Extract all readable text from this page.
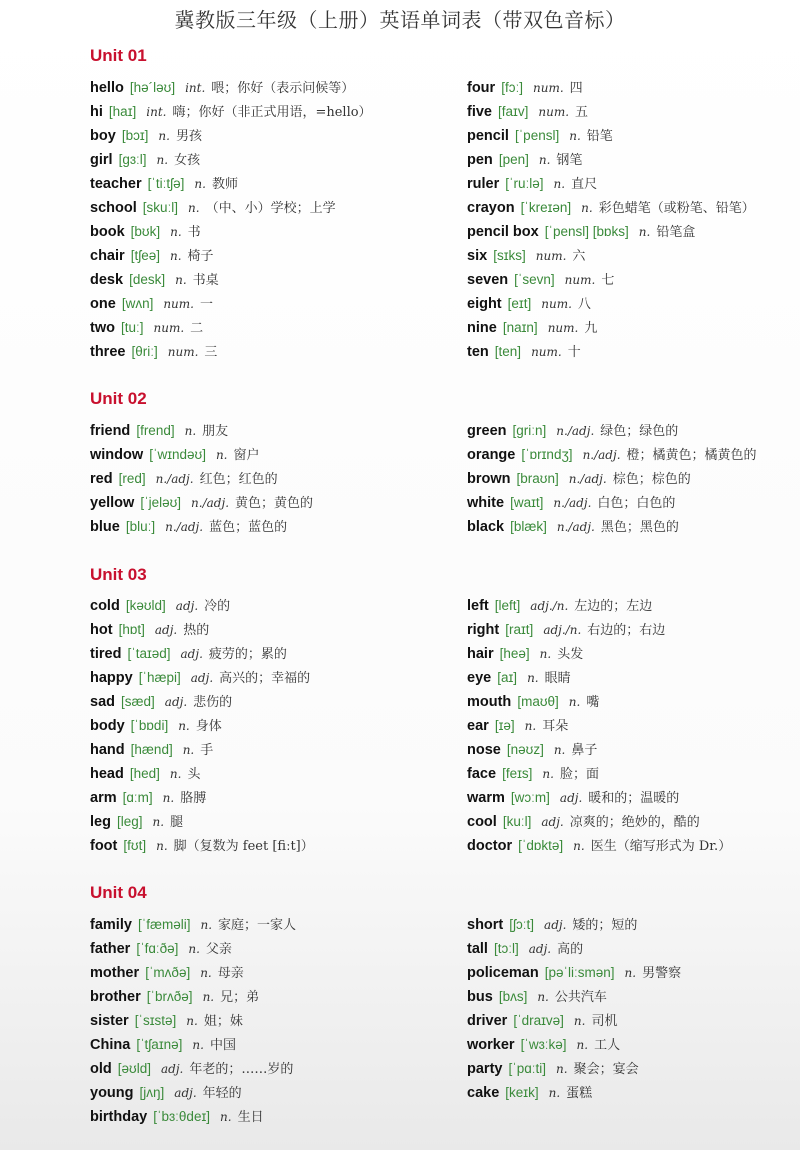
冀教版三年级（上册）英语单词表（带双色音标）
Unit 01
hello [hə´ləʊ] int. 喂；你好（表示问候等）
hi [haɪ] int. 嗨；你好（非正式用语，=hello）
boy [bɔɪ] n. 男孩
girl [gɜːl] n. 女孩
teacher [ˈtiːtʃə] n. 教师
school [skuːl] n. （中、小）学校；上学
book [bʊk] n. 书
chair [tʃeə] n. 椅子
desk [desk] n. 书桌
one [wʌn] num. 一
two [tuː] num. 二
three [θriː] num. 三
four [fɔː] num. 四
five [faɪv] num. 五
pencil [ˈpensl] n. 铅笔
pen [pen] n. 钢笔
ruler [ˈruːlə] n. 直尺
crayon [ˈkreɪən] n. 彩色蜡笔（或粉笔、铅笔）
pencil box [ˈpensl] [bɒks] n. 铅笔盒
six [sɪks] num. 六
seven [ˈsevn] num. 七
eight [eɪt] num. 八
nine [naɪn] num. 九
ten [ten] num. 十
Unit 02
friend [frend] n. 朋友
window [ˈwɪndəʊ] n. 窗户
red [red] n./adj. 红色；红色的
yellow [ˈjeləʊ] n./adj. 黄色；黄色的
blue [bluː] n./adj. 蓝色；蓝色的
green [griːn] n./adj. 绿色；绿色的
orange [ˈɒrɪndʒ] n./adj. 橙；橘黄色；橘黄色的
brown [braʊn] n./adj. 棕色；棕色的
white [waɪt] n./adj. 白色；白色的
black [blæk] n./adj. 黑色；黑色的
Unit 03
cold [kəʊld] adj. 冷的
hot [hɒt] adj. 热的
tired [ˈtaɪəd] adj. 疲劳的；累的
happy [ˈhæpi] adj. 高兴的；幸福的
sad [sæd] adj. 悲伤的
body [ˈbɒdi] n. 身体
hand [hænd] n. 手
head [hed] n. 头
arm [ɑːm] n. 胳膊
leg [leg] n. 腿
foot [fʊt] n. 脚（复数为 feet [fiːt]）
left [left] adj./n. 左边的；左边
right [raɪt] adj./n. 右边的；右边
hair [heə] n. 头发
eye [aɪ] n. 眼睛
mouth [maʊθ] n. 嘴
ear [ɪə] n. 耳朵
nose [nəʊz] n. 鼻子
face [feɪs] n. 脸；面
warm [wɔːm] adj. 暖和的；温暖的
cool [kuːl] adj. 凉爽的；绝妙的，酷的
doctor [ˈdɒktə] n. 医生（缩写形式为 Dr.）
Unit 04
family [ˈfæməli] n. 家庭；一家人
father [ˈfɑːðə] n. 父亲
mother [ˈmʌðə] n. 母亲
brother [ˈbrʌðə] n. 兄；弟
sister [ˈsɪstə] n. 姐；妹
China [ˈtʃaɪnə] n. 中国
old [əʊld] adj. 年老的；……岁的
young [jʌŋ] adj. 年轻的
birthday [ˈbɜːθdeɪ] n. 生日
short [ʃɔːt] adj. 矮的；短的
tall [tɔːl] adj. 高的
policeman [pəˈliːsmən] n. 男警察
bus [bʌs] n. 公共汽车
driver [ˈdraɪvə] n. 司机
worker [ˈwɜːkə] n. 工人
party [ˈpɑːti] n. 聚会；宴会
cake [keɪk] n. 蛋糕
